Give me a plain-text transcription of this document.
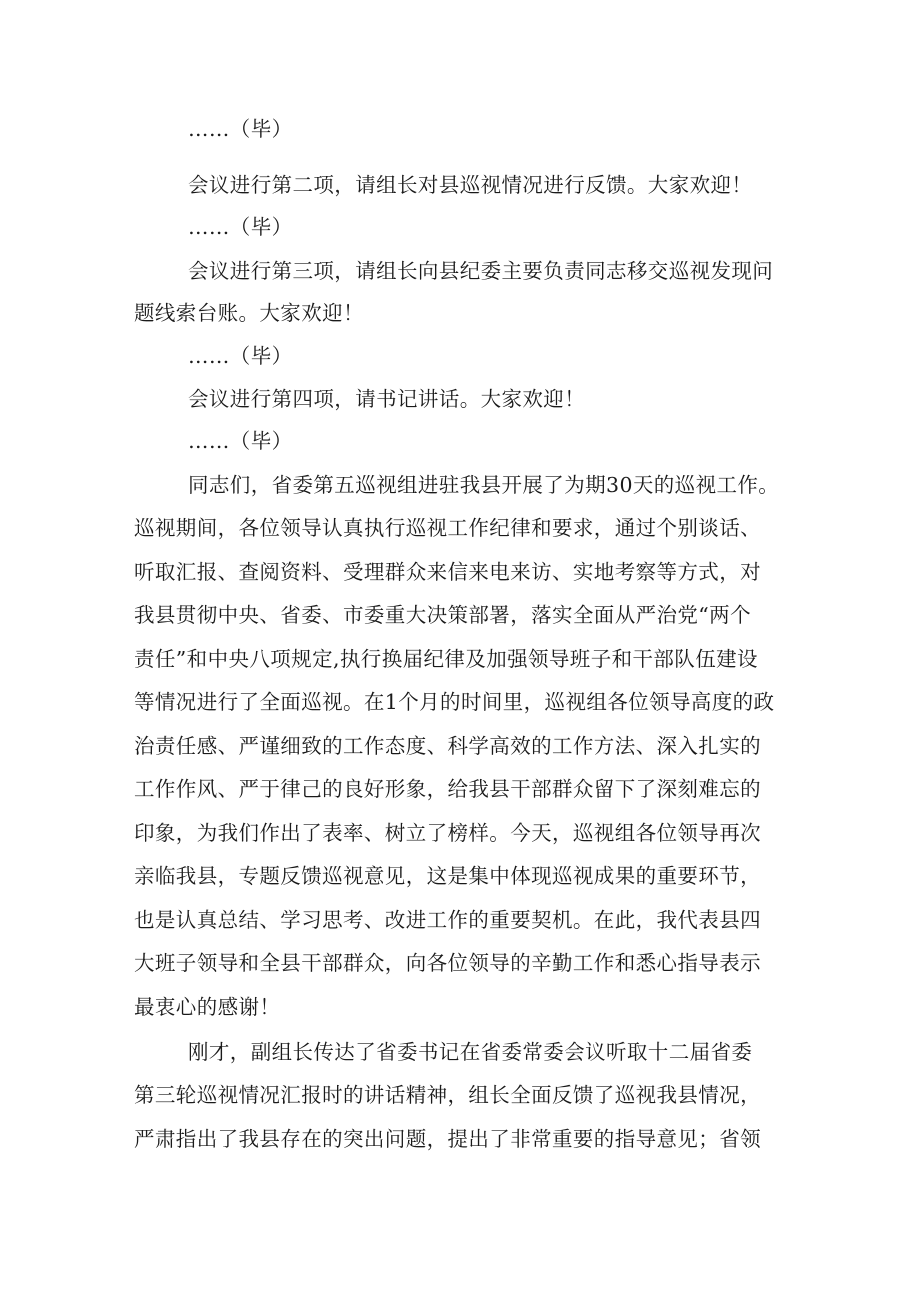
……（毕）
会议进行第二项，请组长对县巡视情况进行反馈。大家欢迎！
……（毕）
会议进行第三项，请组长向县纪委主要负责同志移交巡视发现问
题线索台账。大家欢迎！
……（毕）
会议进行第四项，请书记讲话。大家欢迎！
……（毕）
同志们，省委第五巡视组进驻我县开展了为期30天的巡视工作。
巡视期间，各位领导认真执行巡视工作纪律和要求，通过个别谈话、
听取汇报、查阅资料、受理群众来信来电来访、实地考察等方式，对
我县贯彻中央、省委、市委重大决策部署，落实全面从严治党“两个
责任”和中央八项规定,执行换届纪律及加强领导班子和干部队伍建设
等情况进行了全面巡视。在1个月的时间里，巡视组各位领导高度的政
治责任感、严谨细致的工作态度、科学高效的工作方法、深入扎实的
工作作风、严于律己的良好形象，给我县干部群众留下了深刻难忘的
印象，为我们作出了表率、树立了榜样。今天，巡视组各位领导再次
亲临我县，专题反馈巡视意见，这是集中体现巡视成果的重要环节，
也是认真总结、学习思考、改进工作的重要契机。在此，我代表县四
大班子领导和全县干部群众，向各位领导的辛勤工作和悉心指导表示
最衷心的感谢！
刚才，副组长传达了省委书记在省委常委会议听取十二届省委
第三轮巡视情况汇报时的讲话精神，组长全面反馈了巡视我县情况，
严肃指出了我县存在的突出问题，提出了非常重要的指导意见；省领
